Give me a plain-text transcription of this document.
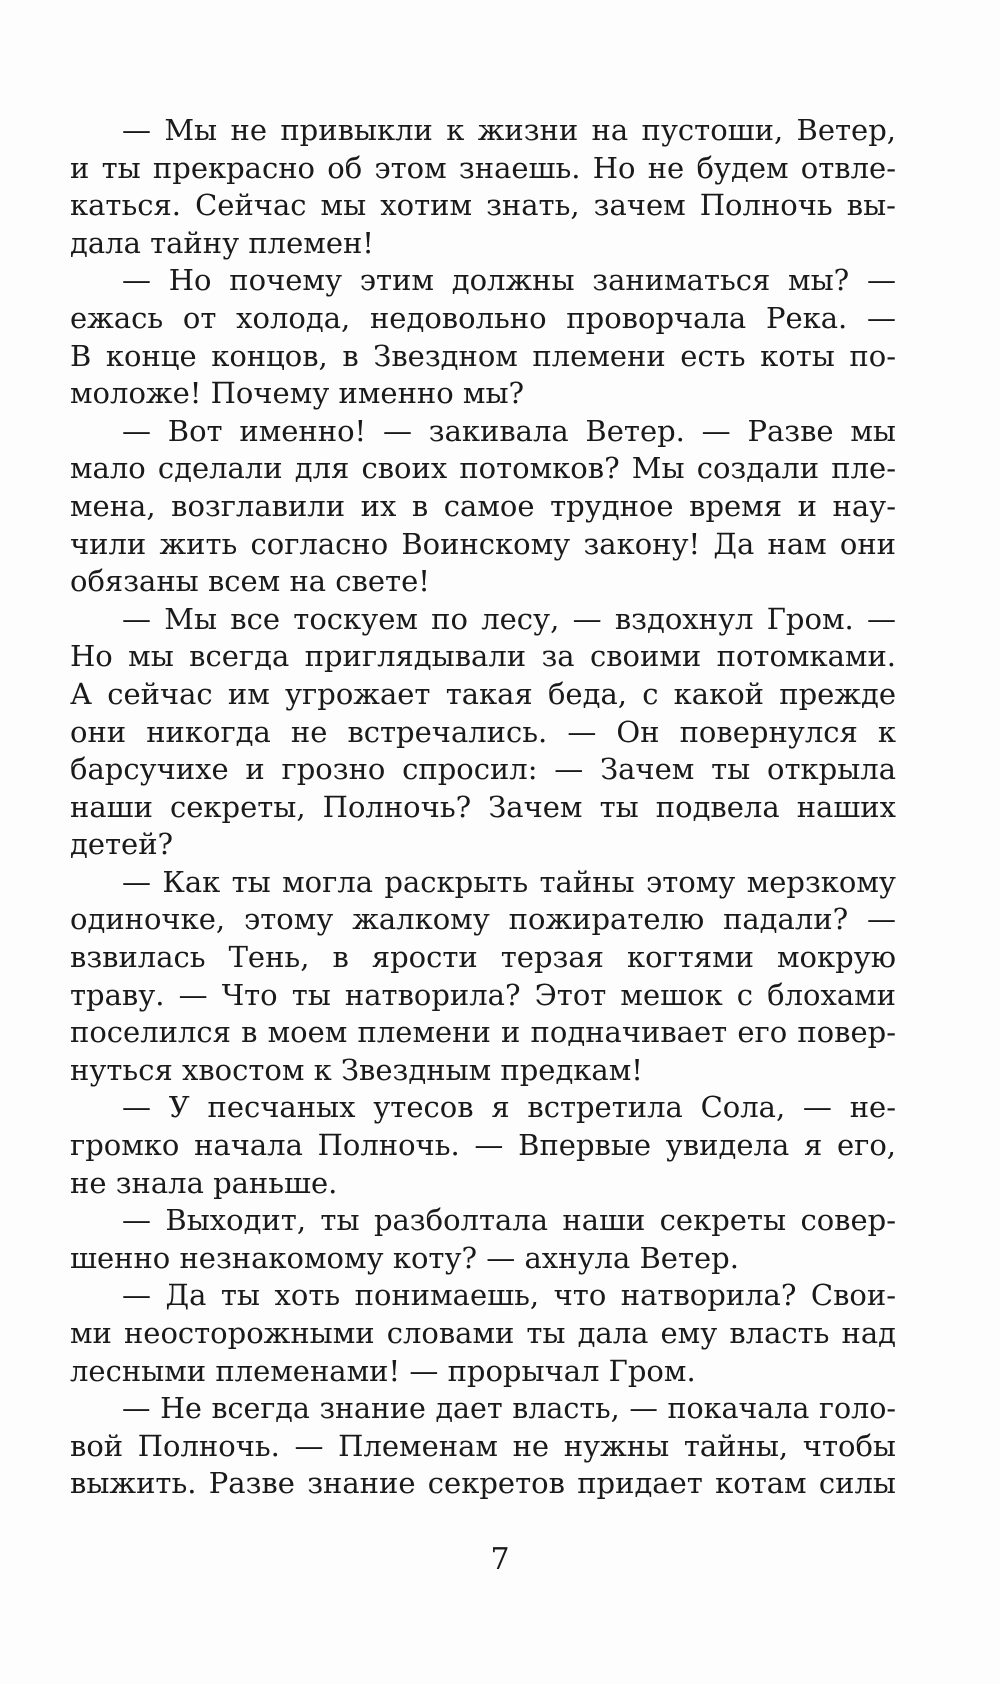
— Мы не привыкли к жизни на пустоши, Ветер,
и ты прекрасно об этом знаешь. Но не будем отвле-
каться. Сейчас мы хотим знать, зачем Полночь вы-
дала тайну племен!
— Но почему этим должны заниматься мы? —
ежась от холода, недовольно проворчала Река. —
В конце концов, в Звездном племени есть коты по-
моложе! Почему именно мы?
— Вот именно! — закивала Ветер. — Разве мы
мало сделали для своих потомков? Мы создали пле-
мена, возглавили их в самое трудное время и нау-
чили жить согласно Воинскому закону! Да нам они
обязаны всем на свете!
— Мы все тоскуем по лесу, — вздохнул Гром. —
Но мы всегда приглядывали за своими потомками.
А сейчас им угрожает такая беда, с какой прежде
они никогда не встречались. — Он повернулся к
барсучихе и грозно спросил: — Зачем ты открыла
наши секреты, Полночь? Зачем ты подвела наших
детей?
— Как ты могла раскрыть тайны этому мерзкому
одиночке, этому жалкому пожирателю падали? —
взвилась Тень, в ярости терзая когтями мокрую
траву. — Что ты натворила? Этот мешок с блохами
поселился в моем племени и подначивает его повер-
нуться хвостом к Звездным предкам!
— У песчаных утесов я встретила Сола, — не-
громко начала Полночь. — Впервые увидела я его,
не знала раньше.
— Выходит, ты разболтала наши секреты совер-
шенно незнакомому коту? — ахнула Ветер.
— Да ты хоть понимаешь, что натворила? Свои-
ми неосторожными словами ты дала ему власть над
лесными племенами! — прорычал Гром.
— Не всегда знание дает власть, — покачала голо-
вой Полночь. — Племенам не нужны тайны, чтобы
выжить. Разве знание секретов придает котам силы
7
